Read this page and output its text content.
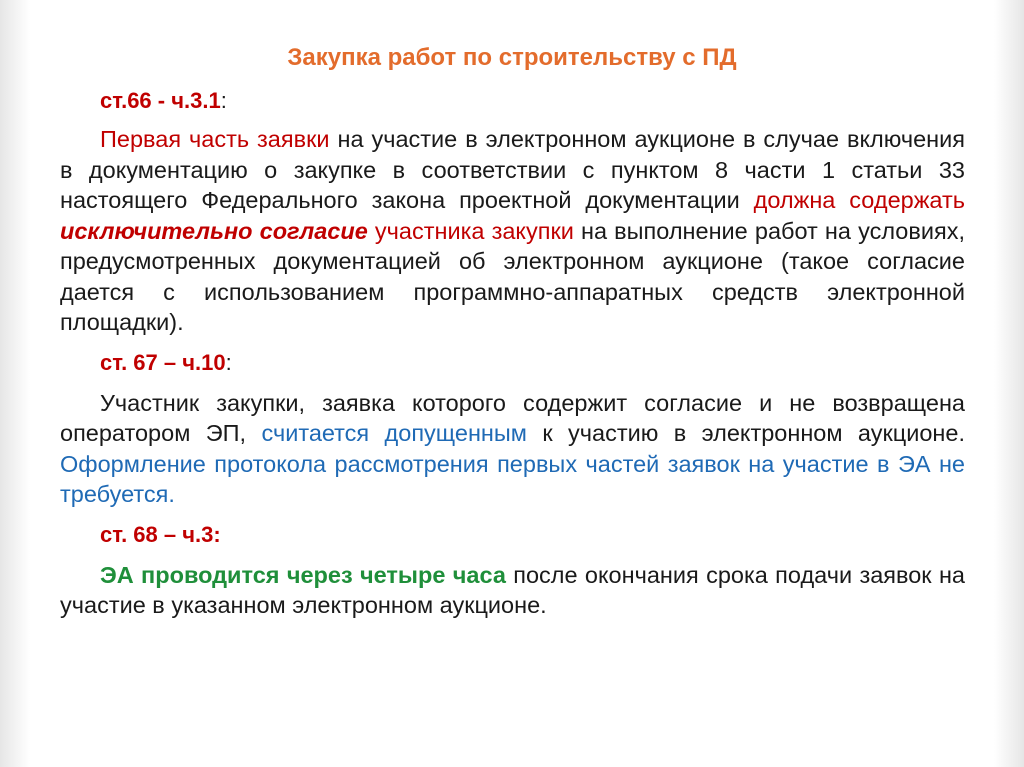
Закупка работ по строительству с ПД
ст.66 - ч.3.1:

Первая часть заявки на участие в электронном аукционе в случае включения в документацию о закупке в соответствии с пунктом 8 части 1 статьи 33 настоящего Федерального закона проектной документации должна содержать исключительно согласие участника закупки на выполнение работ на условиях, предусмотренных документацией об электронном аукционе (такое согласие дается с использованием программно-аппаратных средств электронной площадки).

ст. 67 – ч.10:

Участник закупки, заявка которого содержит согласие и не возвращена оператором ЭП, считается допущенным к участию в электронном аукционе. Оформление протокола рассмотрения первых частей заявок на участие в ЭА не требуется.

ст. 68 – ч.3:

ЭА проводится через четыре часа после окончания срока подачи заявок на участие в указанном электронном аукционе.
